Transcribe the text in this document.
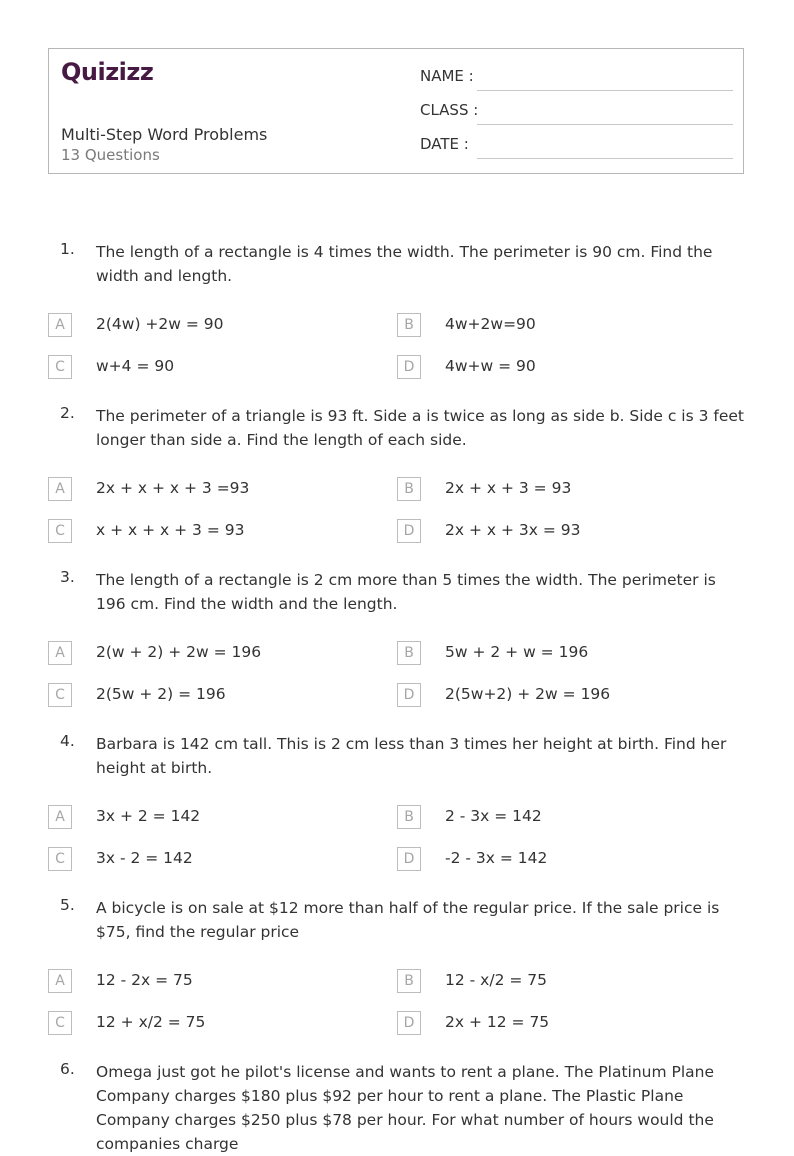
Quizizz
Multi-Step Word Problems
13 Questions
NAME :
CLASS :
DATE :
1. The length of a rectangle is 4 times the width. The perimeter is 90 cm. Find the width and length.
A	2(4w) +2w = 90	B	4w+2w=90
C	w+4 = 90	D	4w+w = 90
2. The perimeter of a triangle is 93 ft. Side a is twice as long as side b. Side c is 3 feet longer than side a. Find the length of each side.
A	2x + x + x + 3 =93	B	2x + x + 3 = 93
C	x + x + x + 3 = 93	D	2x + x + 3x = 93
3. The length of a rectangle is 2 cm more than 5 times the width. The perimeter is 196 cm. Find the width and the length.
A	2(w + 2) + 2w = 196	B	5w + 2 + w = 196
C	2(5w + 2) = 196	D	2(5w+2) + 2w = 196
4. Barbara is 142 cm tall. This is 2 cm less than 3 times her height at birth. Find her height at birth.
A	3x + 2 = 142	B	2 - 3x = 142
C	3x - 2 = 142	D	-2 - 3x = 142
5. A bicycle is on sale at $12 more than half of the regular price. If the sale price is $75, find the regular price
A	12 - 2x = 75	B	12 - x/2 = 75
C	12 + x/2 = 75	D	2x + 12 = 75
6. Omega just got he pilot's license and wants to rent a plane. The Platinum Plane Company charges $180 plus $92 per hour to rent a plane. The Plastic Plane Company charges $250 plus $78 per hour. For what number of hours would the companies charge
